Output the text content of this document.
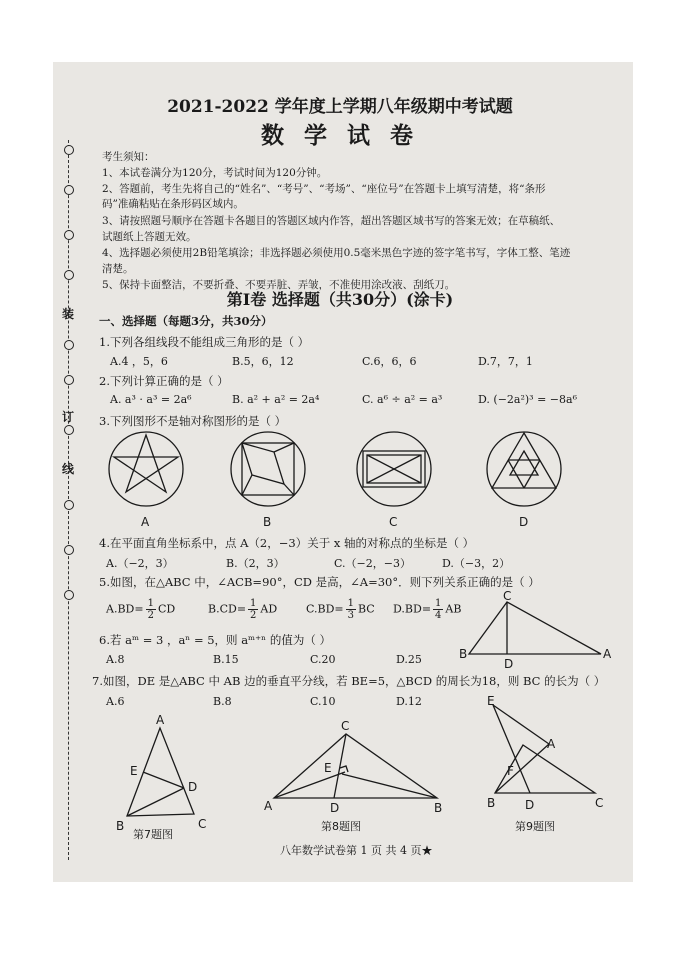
装
订
线
2021-2022 学年度上学期八年级期中考试题
数 学 试 卷
考生须知：
1、本试卷满分为120分，考试时间为120分钟。
2、答题前，考生先将自己的“姓名”、“考号”、“考场”、“座位号”在答题卡上填写清楚，将“条形
码”准确粘贴在条形码区域内。
3、请按照题号顺序在答题卡各题目的答题区域内作答，超出答题区域书写的答案无效；在草稿纸、
试题纸上答题无效。
4、选择题必须使用2B铅笔填涂；非选择题必须使用0.5毫米黑色字迹的签字笔书写，字体工整、笔迹
清楚。
5、保持卡面整洁，不要折叠、不要弄脏、弄皱，不准使用涂改液、刮纸刀。
第Ⅰ卷 选择题（共30分）(涂卡)
一、选择题（每题3分，共30分）
1.下列各组线段不能组成三角形的是（ ）
A.4 ，5，6	B.5，6，12	C.6，6，6	D.7，7，1
2.下列计算正确的是（ ）
A. a³ · a³ = 2a⁶	B. a² + a² = 2a⁴	C. a⁶ ÷ a² = a³	D. (−2a²)³ = −8a⁶
3.下列图形不是轴对称图形的是（ ）
A	B	C	D
4.在平面直角坐标系中，点 A（2，−3）关于 x 轴的对称点的坐标是（ ）
A.（−2，3）	B.（2，3）	C.（−2，−3）	D.（−3，2）
5.如图，在△ABC 中，∠ACB=90°，CD 是高，∠A=30°．则下列关系正确的是（ ）
$A.BD= \frac{1}{2}$ CD	$B.CD= \frac{1}{2}$ AD	$C.BD= \frac{1}{3}$ BC $D.BD= \frac{1}{4}$ AB
C
B
D
A
6.若 aᵐ = 3 ，aⁿ = 5，则 aᵐ⁺ⁿ 的值为（ ）
A.8	B.15	C.20	D.25
7.如图，DE 是△ABC 中 AB 边的垂直平分线，若 BE=5，△BCD 的周长为18，则 BC 的长为（ ）
A.6	B.8	C.10	D.12
A
E
D
B	C
第7题图
C
E
A	D	B
第8题图
E
A
F
B D	C
第9题图
八年数学试卷第 1 页 共 4 页★
